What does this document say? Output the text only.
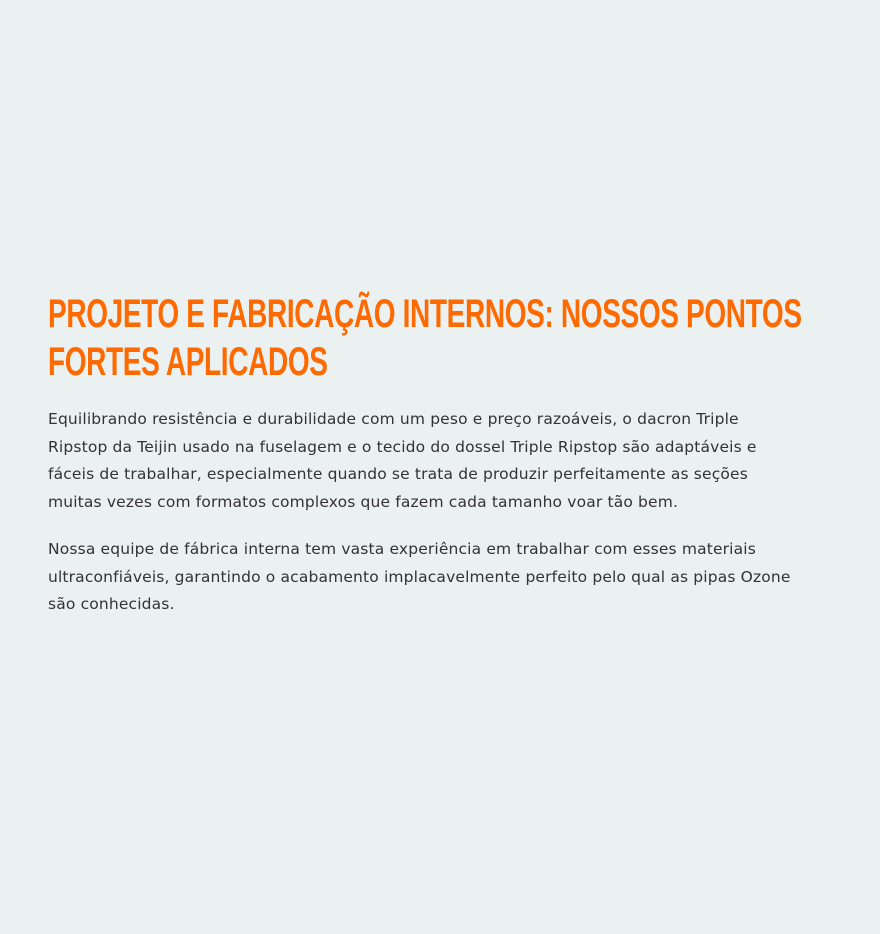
PROJETO E FABRICAÇÃO INTERNOS: NOSSOS PONTOS FORTES APLICADOS

Equilibrando resistência e durabilidade com um peso e preço razoáveis, o dacron Triple Ripstop da Teijin usado na fuselagem e o tecido do dossel Triple Ripstop são adaptáveis e fáceis de trabalhar, especialmente quando se trata de produzir perfeitamente as seções muitas vezes com formatos complexos que fazem cada tamanho voar tão bem.

Nossa equipe de fábrica interna tem vasta experiência em trabalhar com esses materiais ultraconfiáveis, garantindo o acabamento implacavelmente perfeito pelo qual as pipas Ozone são conhecidas.
